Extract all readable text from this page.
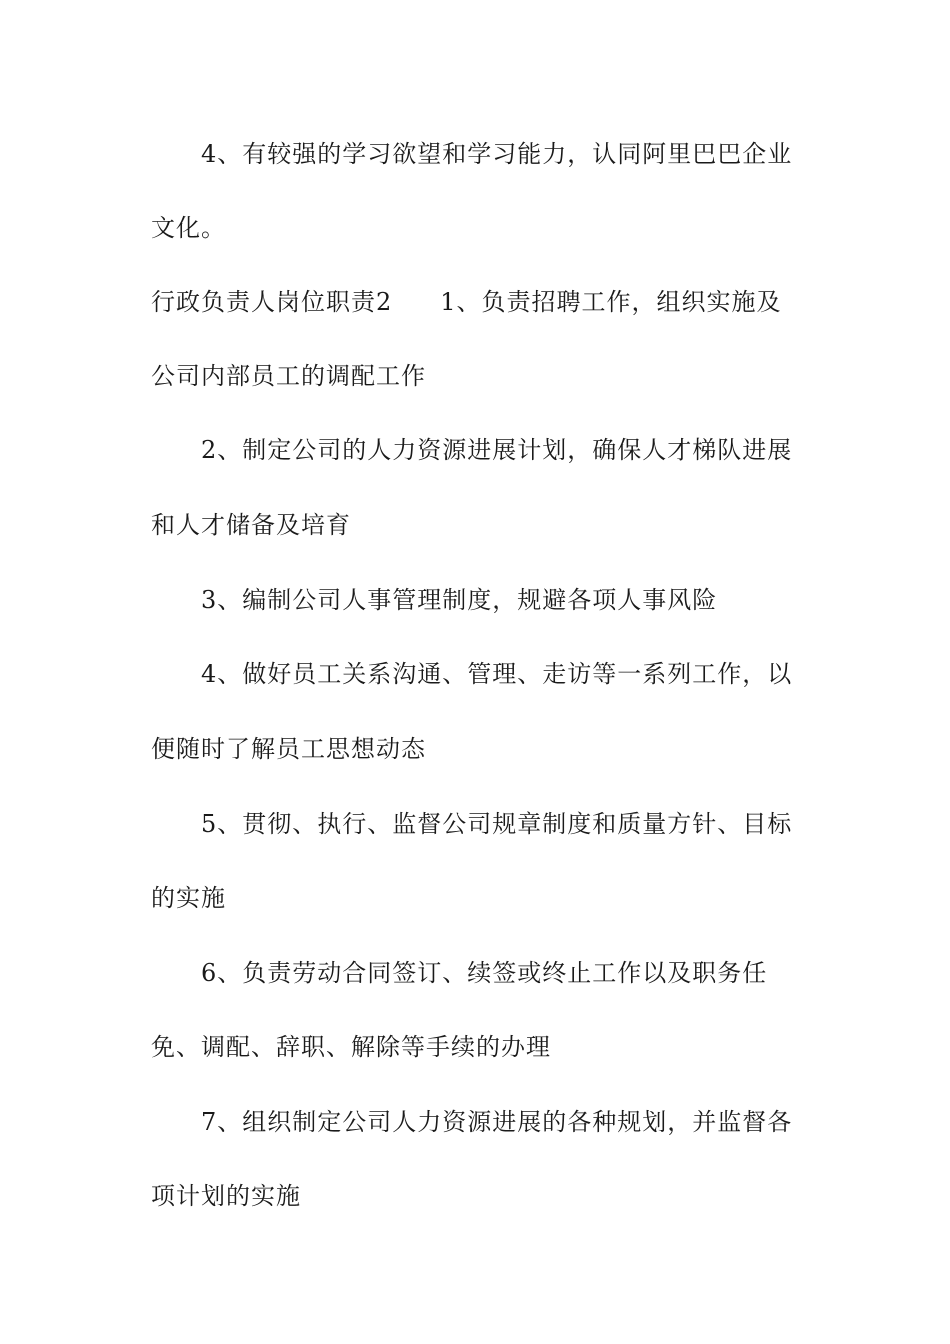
4、有较强的学习欲望和学习能力，认同阿里巴巴企业
文化。
行政负责人岗位职责2 1、负责招聘工作，组织实施及
公司内部员工的调配工作
2、制定公司的人力资源进展计划，确保人才梯队进展
和人才储备及培育
3、编制公司人事管理制度，规避各项人事风险
4、做好员工关系沟通、管理、走访等一系列工作，以
便随时了解员工思想动态
5、贯彻、执行、监督公司规章制度和质量方针、目标
的实施
6、负责劳动合同签订、续签或终止工作以及职务任
免、调配、辞职、解除等手续的办理
7、组织制定公司人力资源进展的各种规划，并监督各
项计划的实施
